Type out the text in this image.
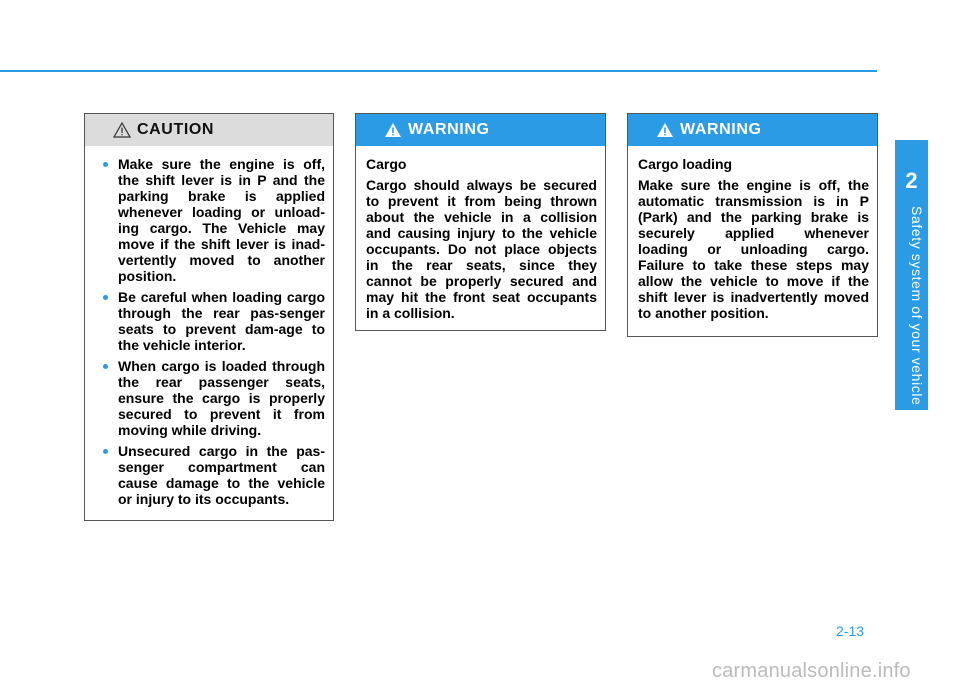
2
Safety system of your vehicle
CAUTION
Make sure the engine is off, the shift lever is in P and the parking brake is applied whenever loading or unload-ing cargo. The Vehicle may move if the shift lever is inad-vertently moved to another position.
Be careful when loading cargo through the rear pas-senger seats to prevent dam-age to the vehicle interior.
When cargo is loaded through the rear passenger seats, ensure the cargo is properly secured to prevent it from moving while driving.
Unsecured cargo in the pas-senger compartment can cause damage to the vehicle or injury to its occupants.
WARNING

Cargo

Cargo should always be secured to prevent it from being thrown about the vehicle in a collision and causing injury to the vehicle occupants. Do not place objects in the rear seats, since they cannot be properly secured and may hit the front seat occupants in a collision.

WARNING

Cargo loading

Make sure the engine is off, the automatic transmission is in P (Park) and the parking brake is securely applied whenever loading or unloading cargo. Failure to take these steps may allow the vehicle to move if the shift lever is inadvertently moved to another position.

2-13
carmanualsonline.info
